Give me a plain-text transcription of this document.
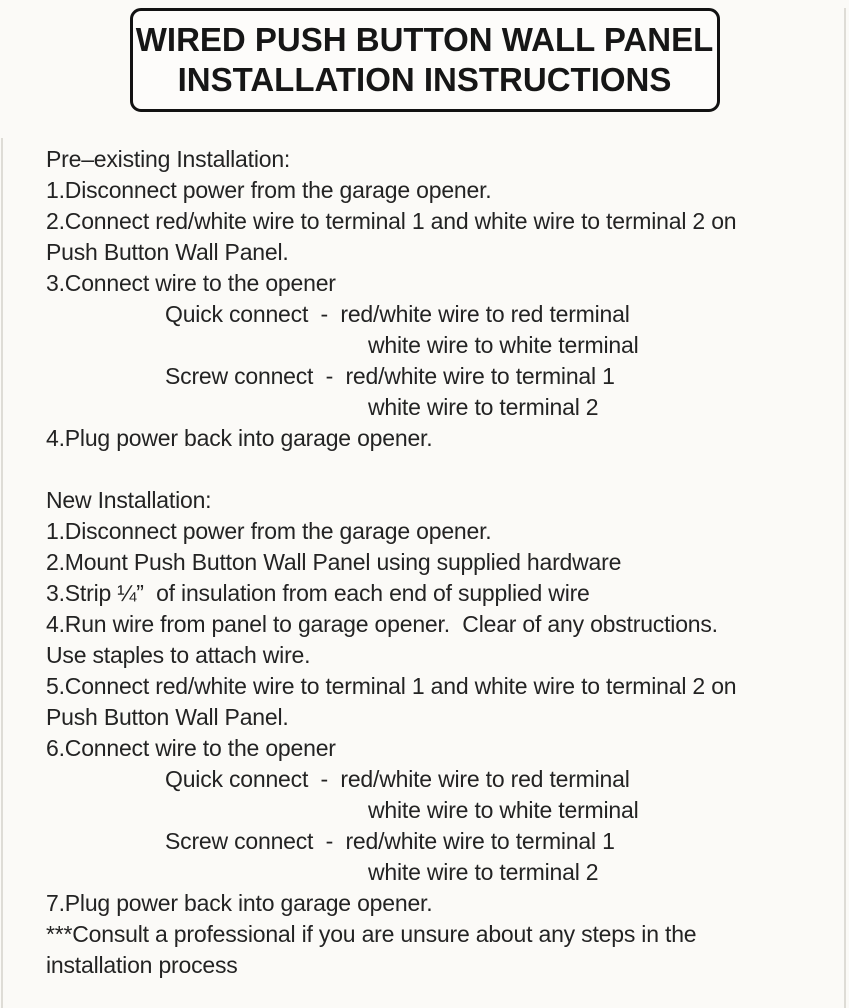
WIRED PUSH BUTTON WALL PANEL
INSTALLATION INSTRUCTIONS
Pre–existing Installation:
1.Disconnect power from the garage opener.
2.Connect red/white wire to terminal 1 and white wire to terminal 2 on
Push Button Wall Panel.
3.Connect wire to the opener
Quick connect  -  red/white wire to red terminal
white wire to white terminal
Screw connect  -  red/white wire to terminal 1
white wire to terminal 2
4.Plug power back into garage opener.
New Installation:
1.Disconnect power from the garage opener.
2.Mount Push Button Wall Panel using supplied hardware
3.Strip ¼”  of insulation from each end of supplied wire
4.Run wire from panel to garage opener.  Clear of any obstructions.
Use staples to attach wire.
5.Connect red/white wire to terminal 1 and white wire to terminal 2 on
Push Button Wall Panel.
6.Connect wire to the opener
Quick connect  -  red/white wire to red terminal
white wire to white terminal
Screw connect  -  red/white wire to terminal 1
white wire to terminal 2
7.Plug power back into garage opener.
***Consult a professional if you are unsure about any steps in the
installation process
